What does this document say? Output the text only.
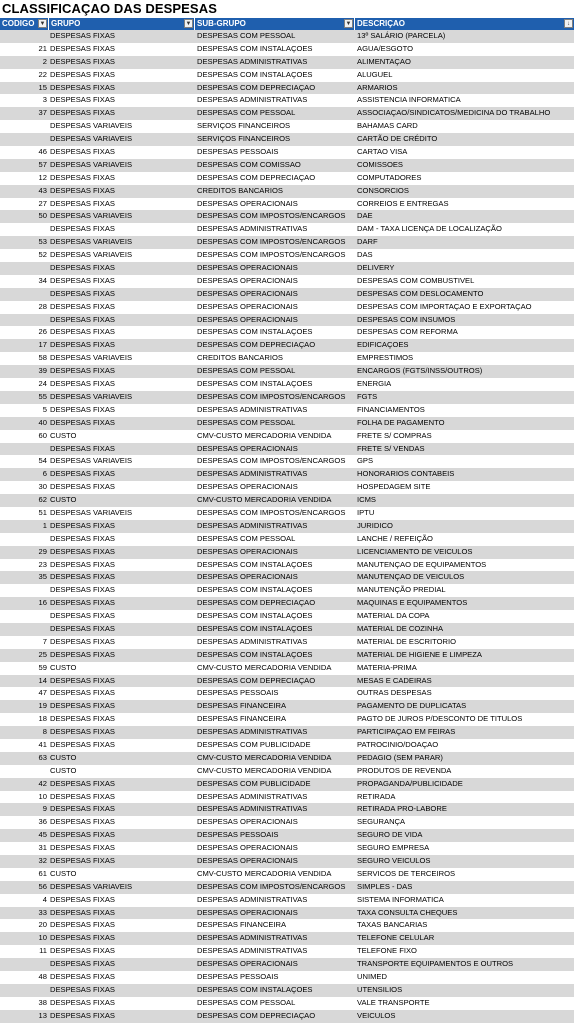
CLASSIFICAÇAO DAS DESPESAS
CODIGO ▼ GRUPO	▼ SUB-GRUPO	▼ DESCRIÇAO	↓
DESPESAS FIXAS	DESPESAS COM PESSOAL	13º SALÁRIO (PARCELA)
21 DESPESAS FIXAS	DESPESAS COM INSTALAÇOES	AGUA/ESGOTO
2 DESPESAS FIXAS	DESPESAS ADMINISTRATIVAS	ALIMENTAÇAO
22 DESPESAS FIXAS	DESPESAS COM INSTALAÇOES	ALUGUEL
15 DESPESAS FIXAS	DESPESAS COM DEPRECIAÇAO	ARMARIOS
3 DESPESAS FIXAS	DESPESAS ADMINISTRATIVAS	ASSISTENCIA INFORMATICA
37 DESPESAS FIXAS	DESPESAS COM PESSOAL	ASSOCIAÇAO/SINDICATOS/MEDICINA DO TRABALHO
DESPESAS VARIAVEIS	SERVIÇOS FINANCEIROS	BAHAMAS CARD
DESPESAS VARIAVEIS	SERVIÇOS FINANCEIROS	CARTÃO DE CRÉDITO
46 DESPESAS FIXAS	DESPESAS PESSOAIS	CARTAO VISA
57 DESPESAS VARIAVEIS	DESPESAS COM COMISSAO	COMISSOES
12 DESPESAS FIXAS	DESPESAS COM DEPRECIAÇAO	COMPUTADORES
43 DESPESAS FIXAS	CREDITOS BANCARIOS	CONSORCIOS
27 DESPESAS FIXAS	DESPESAS OPERACIONAIS	CORREIOS E ENTREGAS
50 DESPESAS VARIAVEIS	DESPESAS COM IMPOSTOS/ENCARGOS	DAE
DESPESAS FIXAS	DESPESAS ADMINISTRATIVAS	DAM - TAXA LICENÇA DE LOCALIZAÇÃO
53 DESPESAS VARIAVEIS	DESPESAS COM IMPOSTOS/ENCARGOS	DARF
52 DESPESAS VARIAVEIS	DESPESAS COM IMPOSTOS/ENCARGOS	DAS
DESPESAS FIXAS	DESPESAS OPERACIONAIS	DELIVERY
34 DESPESAS FIXAS	DESPESAS OPERACIONAIS	DESPESAS COM COMBUSTIVEL
DESPESAS FIXAS	DESPESAS OPERACIONAIS	DESPESAS COM DESLOCAMENTO
28 DESPESAS FIXAS	DESPESAS OPERACIONAIS	DESPESAS COM IMPORTAÇAO E EXPORTAÇAO
DESPESAS FIXAS	DESPESAS OPERACIONAIS	DESPESAS COM INSUMOS
26 DESPESAS FIXAS	DESPESAS COM INSTALAÇOES	DESPESAS COM REFORMA
17 DESPESAS FIXAS	DESPESAS COM DEPRECIAÇAO	EDIFICAÇOES
58 DESPESAS VARIAVEIS	CREDITOS BANCARIOS	EMPRESTIMOS
39 DESPESAS FIXAS	DESPESAS COM PESSOAL	ENCARGOS (FGTS/INSS/OUTROS)
24 DESPESAS FIXAS	DESPESAS COM INSTALAÇOES	ENERGIA
55 DESPESAS VARIAVEIS	DESPESAS COM IMPOSTOS/ENCARGOS	FGTS
5 DESPESAS FIXAS	DESPESAS ADMINISTRATIVAS	FINANCIAMENTOS
40 DESPESAS FIXAS	DESPESAS COM PESSOAL	FOLHA DE PAGAMENTO
60 CUSTO	CMV-CUSTO MERCADORIA VENDIDA	FRETE S/ COMPRAS
DESPESAS FIXAS	DESPESAS OPERACIONAIS	FRETE S/ VENDAS
54 DESPESAS VARIAVEIS	DESPESAS COM IMPOSTOS/ENCARGOS	GPS
6 DESPESAS FIXAS	DESPESAS ADMINISTRATIVAS	HONORARIOS CONTABEIS
30 DESPESAS FIXAS	DESPESAS OPERACIONAIS	HOSPEDAGEM SITE
62 CUSTO	CMV-CUSTO MERCADORIA VENDIDA	ICMS
51 DESPESAS VARIAVEIS	DESPESAS COM IMPOSTOS/ENCARGOS	IPTU
1 DESPESAS FIXAS	DESPESAS ADMINISTRATIVAS	JURIDICO
DESPESAS FIXAS	DESPESAS COM PESSOAL	LANCHE / REFEIÇÃO
29 DESPESAS FIXAS	DESPESAS OPERACIONAIS	LICENCIAMENTO DE VEICULOS
23 DESPESAS FIXAS	DESPESAS COM INSTALAÇOES	MANUTENÇAO DE EQUIPAMENTOS
35 DESPESAS FIXAS	DESPESAS OPERACIONAIS	MANUTENÇAO DE VEICULOS
DESPESAS FIXAS	DESPESAS COM INSTALAÇOES	MANUTENÇÃO PREDIAL
16 DESPESAS FIXAS	DESPESAS COM DEPRECIAÇAO	MAQUINAS E EQUIPAMENTOS
DESPESAS FIXAS	DESPESAS COM INSTALAÇOES	MATERIAL DA COPA
DESPESAS FIXAS	DESPESAS COM INSTALAÇOES	MATERIAL DE COZINHA
7 DESPESAS FIXAS	DESPESAS ADMINISTRATIVAS	MATERIAL DE ESCRITORIO
25 DESPESAS FIXAS	DESPESAS COM INSTALAÇOES	MATERIAL DE HIGIENE E LIMPEZA
59 CUSTO	CMV-CUSTO MERCADORIA VENDIDA	MATERIA-PRIMA
14 DESPESAS FIXAS	DESPESAS COM DEPRECIAÇAO	MESAS E CADEIRAS
47 DESPESAS FIXAS	DESPESAS PESSOAIS	OUTRAS DESPESAS
19 DESPESAS FIXAS	DESPESAS FINANCEIRA	PAGAMENTO DE DUPLICATAS
18 DESPESAS FIXAS	DESPESAS FINANCEIRA	PAGTO DE JUROS P/DESCONTO DE TITULOS
8 DESPESAS FIXAS	DESPESAS ADMINISTRATIVAS	PARTICIPAÇAO EM FEIRAS
41 DESPESAS FIXAS	DESPESAS COM PUBLICIDADE	PATROCINIO/DOAÇAO
63 CUSTO	CMV-CUSTO MERCADORIA VENDIDA	PEDAGIO (SEM PARAR)
CUSTO	CMV-CUSTO MERCADORIA VENDIDA	PRODUTOS DE REVENDA
42 DESPESAS FIXAS	DESPESAS COM PUBLICIDADE	PROPAGANDA/PUBLICIDADE
10 DESPESAS FIXAS	DESPESAS ADMINISTRATIVAS	RETIRADA
9 DESPESAS FIXAS	DESPESAS ADMINISTRATIVAS	RETIRADA PRO-LABORE
36 DESPESAS FIXAS	DESPESAS OPERACIONAIS	SEGURANÇA
45 DESPESAS FIXAS	DESPESAS PESSOAIS	SEGURO DE VIDA
31 DESPESAS FIXAS	DESPESAS OPERACIONAIS	SEGURO EMPRESA
32 DESPESAS FIXAS	DESPESAS OPERACIONAIS	SEGURO VEICULOS
61 CUSTO	CMV-CUSTO MERCADORIA VENDIDA	SERVICOS DE TERCEIROS
56 DESPESAS VARIAVEIS	DESPESAS COM IMPOSTOS/ENCARGOS	SIMPLES - DAS
4 DESPESAS FIXAS	DESPESAS ADMINISTRATIVAS	SISTEMA INFORMATICA
33 DESPESAS FIXAS	DESPESAS OPERACIONAIS	TAXA CONSULTA CHEQUES
20 DESPESAS FIXAS	DESPESAS FINANCEIRA	TAXAS BANCARIAS
10 DESPESAS FIXAS	DESPESAS ADMINISTRATIVAS	TELEFONE CELULAR
11 DESPESAS FIXAS	DESPESAS ADMINISTRATIVAS	TELEFONE FIXO
DESPESAS FIXAS	DESPESAS OPERACIONAIS	TRANSPORTE EQUIPAMENTOS E OUTROS
48 DESPESAS FIXAS	DESPESAS PESSOAIS	UNIMED
DESPESAS FIXAS	DESPESAS COM INSTALAÇOES	UTENSILIOS
38 DESPESAS FIXAS	DESPESAS COM PESSOAL	VALE TRANSPORTE
13 DESPESAS FIXAS	DESPESAS COM DEPRECIAÇAO	VEICULOS
